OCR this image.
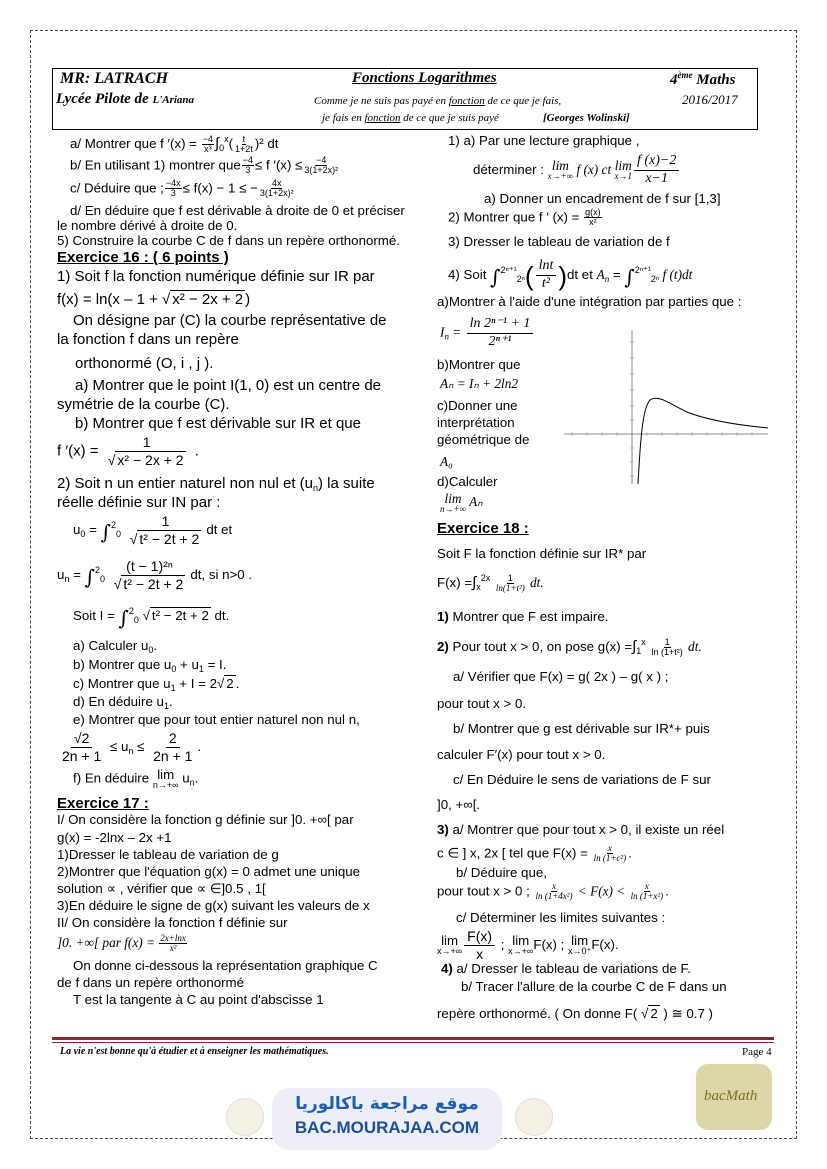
MR: LATRACH
Lycée Pilote de L'Ariana
Fonctions Logarithmes	4ème Maths
2016/2017
Comme je ne suis pas payé en fonction de ce que je fais,
je fais en fonction de ce que je suis payé	[Georges Wolinski]
a/ Montrer que f $'(x) = \frac{-4}{\text{x³}} \int_0^x( \frac{t}{1+2t} )^2$ dt
b/ En utilisant 1) montrer que $\frac{-4}{3} \le f$ $'(x) \le \frac{-4}{\text{3(1+2x)²}}$
c/ Déduire que ; $\frac{-4x}{3} \le f(x) - 1$ ≤ − $\frac{4x}{\text{3(1+2x)²}}$
d/ En déduire que f est dérivable à droite de 0 et préciser
le nombre dérivé à droite de 0.
5) Construire la courbe C de f dans un repère orthonormé.
Exercice 16 : ( 6 points )
1) Soit f la fonction numérique définie sur IR par
f(x) = ln(x – 1 + √ x² − 2x + 2 )
On désigne par (C) la courbe représentative de
la fonction f dans un repère
orthonormé (O, i , j ).
a) Montrer que le point I(1, 0) est un centre de
symétrie de la courbe (C).
b) Montrer que f est dérivable sur IR et que
f $'(x) = \frac{1}{\text{√ x² − 2x + 2}}$ .
2) Soit n un entier naturel non nul et $(u_n)$ la suite
réelle définie sur IN par :
$u_0 = \int^2_0 \frac{1}{\text{√ t² − 2t + 2}}$ dt et
$u_n = \int^2_0 \frac{\text{(t − 1)²ⁿ}}{\text{√ t² − 2t + 2}}$ dt, si n>0 .
Soit I = ∫$^2_0$ √ t² − 2t + 2 dt.
a) Calculer $u_0$.
b) Montrer que $u_0 + u_1 = I$.
c) Montrer que $u_1 + I = 2√$ 2 .
d) En déduire $u_1$.
e) Montrer que pour tout entier naturel non nul n,
$\frac{√2}{2n + 1} \le u_n \le \frac{2}{2n + 1}$ .
f) En déduire lim
n→+∞ $u_n$.
Exercice 17 :
I/ On considère la fonction g définie sur ]0. +∞[ par
g(x) = -2lnx – 2x +1
1)Dresser le tableau de variation de g
2)Montrer que l'équation g(x) = 0 admet une unique
solution ∝ , vérifier que ∝ ∈]0.5 , 1[
3)En déduire le signe de g(x) suivant les valeurs de x
II/ On considère la fonction f définie sur
]0. +∞[ par $f(x) = \frac{2x+\ln x}{\text{x²}}$
On donne ci-dessous la représentation graphique C
de f dans un repère orthonormé
T est la tangente à C au point d'abscisse 1
1) a) Par une lecture graphique ,
déterminer : lim
x→+∞ f (x) ct lim
$x\to 1 \frac{f (x)-2}{x-1}$
a) Donner un encadrement de f sur [1,3]
2) Montrer que f ′ $(x) = \frac{g(x)}{\text{x²}}$
3) Dresser le tableau de variation de f
4) Soit $\int^{2^{n+1}}_{2^n}( \frac{\ln t}{\text{t²}} )dt$ et $A_n = \int^{2^{n+1}}_{2^n}$ f (t)dt
a)Montrer à l'aide d'une intégration par parties que :
$I_n = \frac{\text{ln 2ⁿ⁻¹ + 1}}{\text{2ⁿ⁺¹}}$
b)Montrer que
Aₙ = Iₙ + 2ln2
c)Donner une
interprétation
géométrique de
A₀
d)Calculer
lim
n→+∞
Aₙ
Exercice 18 :
Soit F la fonction définie sur IR* par
$F(x) =\int_x^{2x} \frac{1}{\text{ln(1+t²)}}$ dt.
1) Montrer que F est impaire.
2) Pour tout x > 0, on pose $g(x) =\int_1^x \frac{1}{\text{ln (1+t²)}}$ dt.
a/ Vérifier que F(x) = g( 2x ) – g( x ) ;
pour tout x > 0.
b/ Montrer que g est dérivable sur IR*+ puis
calculer F′(x) pour tout x > 0.
c/ En Déduire le sens de variations de F sur
]0, +∞[.
3) a/ Montrer que pour tout x > 0, il existe un réel
c ∈ ] x, 2x [ tel que $F(x) = \frac{x}{\text{ln (1+c²)}}$ .
b/ Déduire que,
pour tout x > 0 ; $\frac{x}{\text{ln (1+4x²)}} < F(x) < \frac{x}{\text{ln (1+x²)}}$ .
c/ Déterminer les limites suivantes :
lim
$x\to+\infty \frac{F(x)}{x}$ ; lim
x→+∞ F(x) ; lim
x→0⁺ F(x).
4) a/ Dresser le tableau de variations de F.
b/ Tracer l'allure de la courbe C de F dans un
repère orthonormé. ( On donne F( √ 2 ) ≅ 0.7 )
La vie n'est bonne qu'à étudier et à enseigner les mathématiques.	Page 4
موقع مراجعة باكالوريا
BAC.MOURAJAA.COM
bacMath
